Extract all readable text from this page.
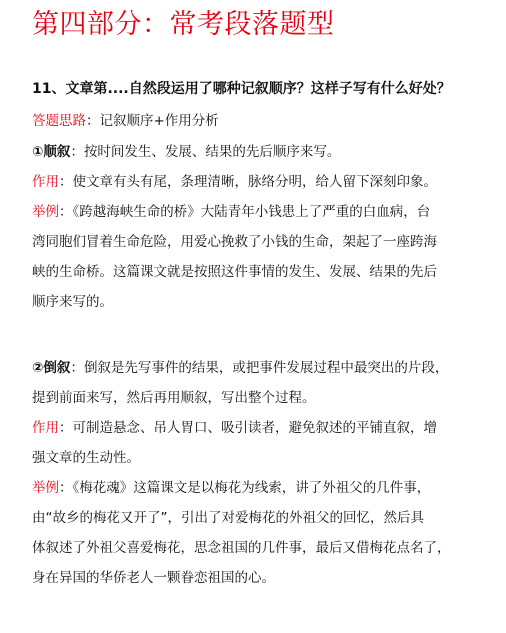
第四部分：常考段落题型
11、文章第....自然段运用了哪种记叙顺序？这样子写有什么好处？
答题思路：记叙顺序+作用分析
①顺叙：按时间发生、发展、结果的先后顺序来写。
作用：使文章有头有尾，条理清晰，脉络分明，给人留下深刻印象。
举例：《跨越海峡生命的桥》大陆青年小钱患上了严重的白血病，台
湾同胞们冒着生命危险，用爱心挽救了小钱的生命，架起了一座跨海
峡的生命桥。这篇课文就是按照这件事情的发生、发展、结果的先后
顺序来写的。
②倒叙：倒叙是先写事件的结果，或把事件发展过程中最突出的片段，
提到前面来写，然后再用顺叙，写出整个过程。
作用：可制造悬念、吊人胃口、吸引读者，避免叙述的平铺直叙，增
强文章的生动性。
举例：《梅花魂》这篇课文是以梅花为线索，讲了外祖父的几件事，
由“故乡的梅花又开了”，引出了对爱梅花的外祖父的回忆，然后具
体叙述了外祖父喜爱梅花，思念祖国的几件事，最后又借梅花点名了，
身在异国的华侨老人一颗眷恋祖国的心。
